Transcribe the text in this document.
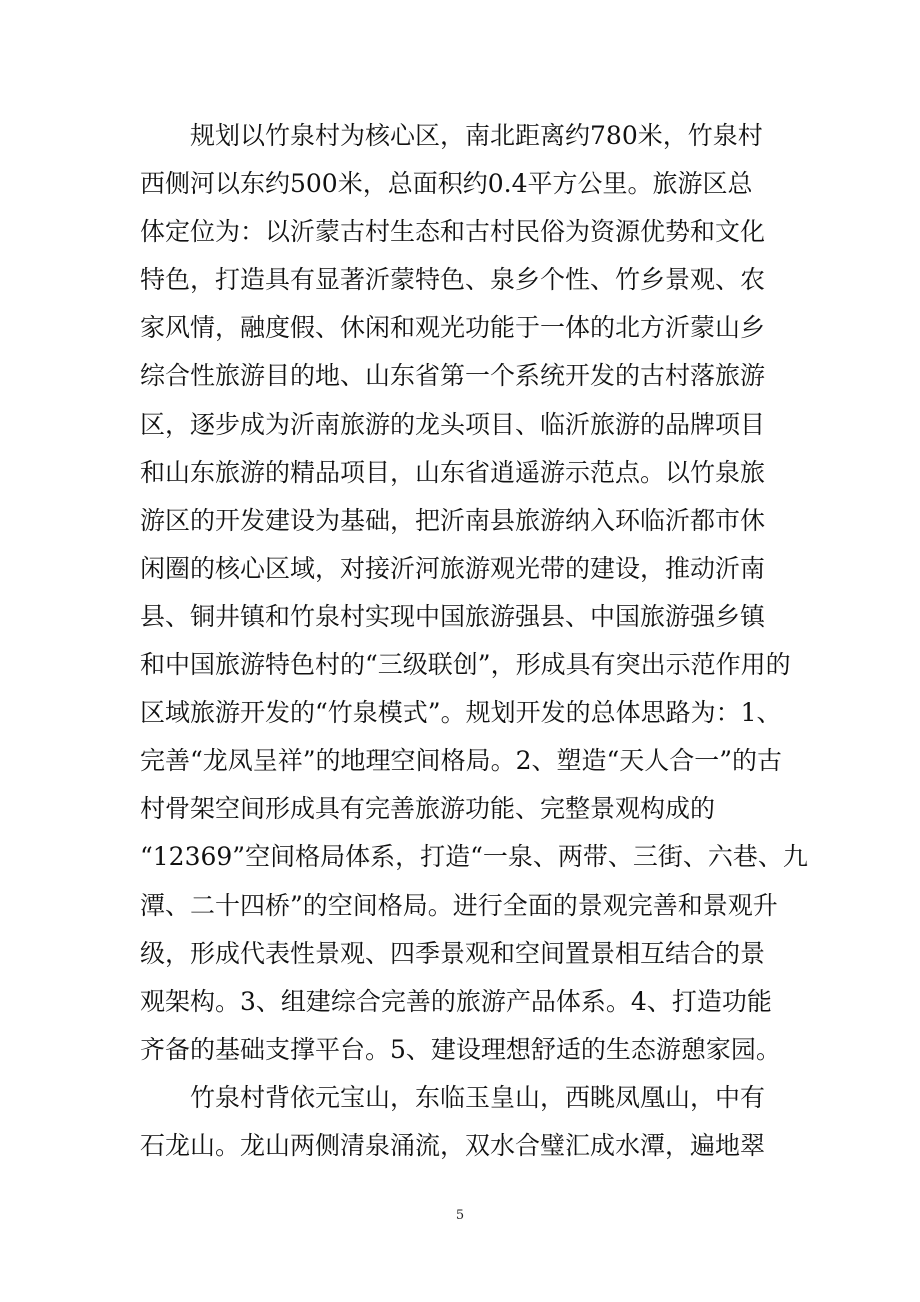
规划以竹泉村为核心区，南北距离约780米，竹泉村
西侧河以东约500米，总面积约0.4平方公里。旅游区总
体定位为：以沂蒙古村生态和古村民俗为资源优势和文化
特色，打造具有显著沂蒙特色、泉乡个性、竹乡景观、农
家风情，融度假、休闲和观光功能于一体的北方沂蒙山乡
综合性旅游目的地、山东省第一个系统开发的古村落旅游
区，逐步成为沂南旅游的龙头项目、临沂旅游的品牌项目
和山东旅游的精品项目，山东省逍遥游示范点。以竹泉旅
游区的开发建设为基础，把沂南县旅游纳入环临沂都市休
闲圈的核心区域，对接沂河旅游观光带的建设，推动沂南
县、铜井镇和竹泉村实现中国旅游强县、中国旅游强乡镇
和中国旅游特色村的“三级联创”，形成具有突出示范作用的
区域旅游开发的“竹泉模式”。规划开发的总体思路为：1、
完善“龙凤呈祥”的地理空间格局。2、塑造“天人合一”的古
村骨架空间形成具有完善旅游功能、完整景观构成的
“12369”空间格局体系，打造“一泉、两带、三街、六巷、九
潭、二十四桥”的空间格局。进行全面的景观完善和景观升
级，形成代表性景观、四季景观和空间置景相互结合的景
观架构。3、组建综合完善的旅游产品体系。4、打造功能
齐备的基础支撑平台。5、建设理想舒适的生态游憩家园。
竹泉村背依元宝山，东临玉皇山，西眺凤凰山，中有
石龙山。龙山两侧清泉涌流，双水合璧汇成水潭，遍地翠
5
